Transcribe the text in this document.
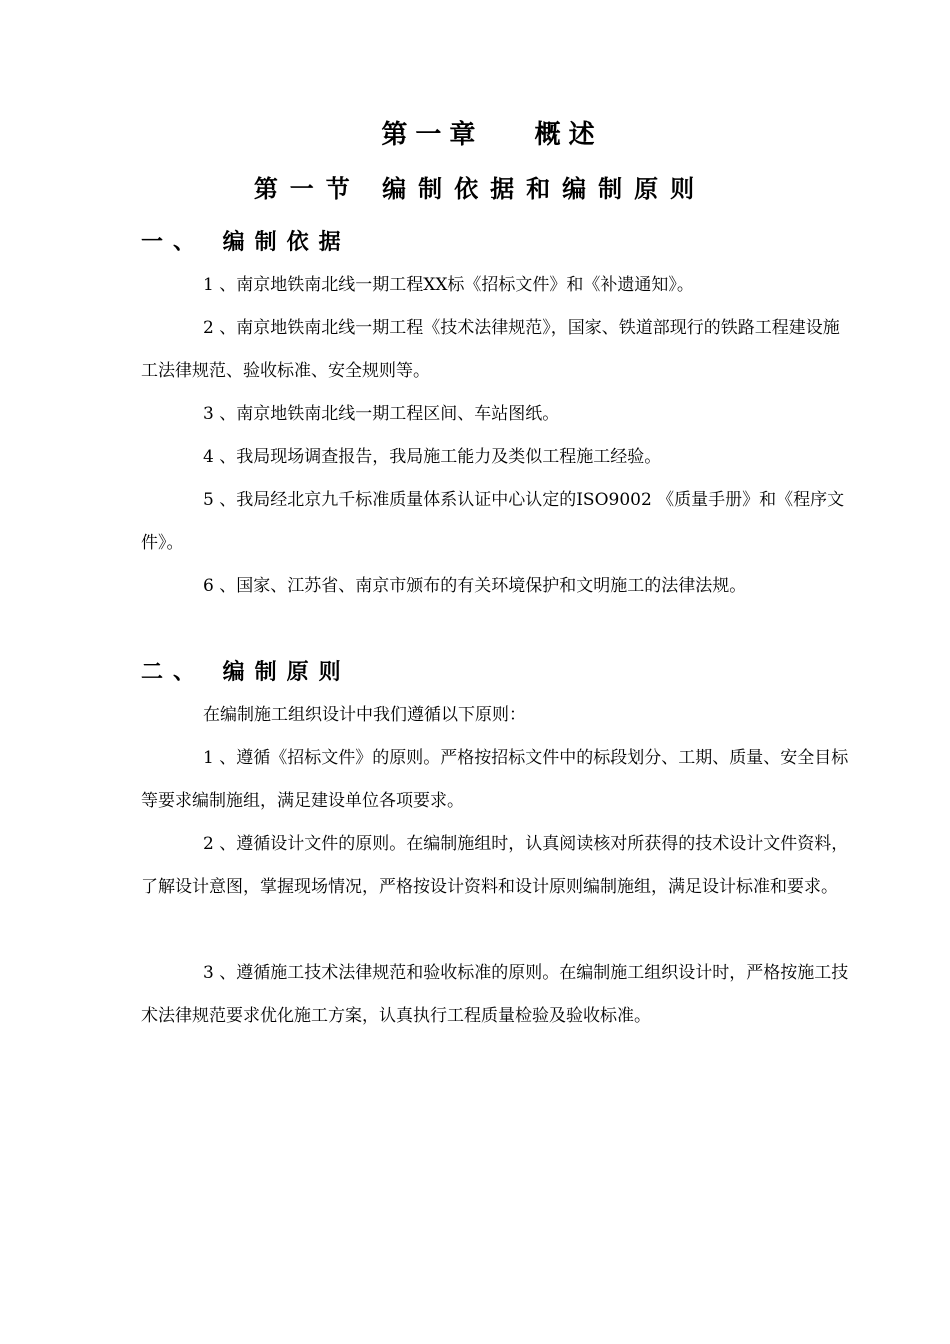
第一章   概述
第一节 编制依据和编制原则
一、 编制依据
1 、南京地铁南北线一期工程XX标《招标文件》和《补遗通知》。
2 、南京地铁南北线一期工程《技术法律规范》，国家、铁道部现行的铁路工程建设施工法律规范、验收标准、安全规则等。
3 、南京地铁南北线一期工程区间、车站图纸。
4 、我局现场调查报告，我局施工能力及类似工程施工经验。
5 、我局经北京九千标准质量体系认证中心认定的ISO9002 《质量手册》和《程序文件》。
6 、国家、江苏省、南京市颁布的有关环境保护和文明施工的法律法规。
二、 编制原则
在编制施工组织设计中我们遵循以下原则：
1 、遵循《招标文件》的原则。严格按招标文件中的标段划分、工期、质量、安全目标等要求编制施组，满足建设单位各项要求。
2 、遵循设计文件的原则。在编制施组时，认真阅读核对所获得的技术设计文件资料，了解设计意图，掌握现场情况，严格按设计资料和设计原则编制施组，满足设计标准和要求。
3 、遵循施工技术法律规范和验收标准的原则。在编制施工组织设计时，严格按施工技术法律规范要求优化施工方案，认真执行工程质量检验及验收标准。
